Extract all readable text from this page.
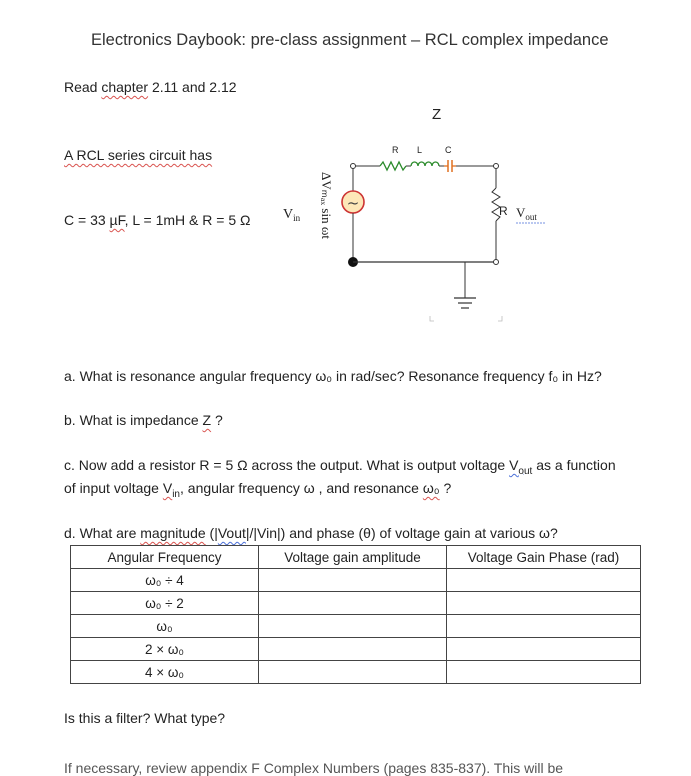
Electronics Daybook: pre-class assignment – RCL complex impedance
Read chapter 2.11 and 2.12
A RCL series circuit has
C = 33 µF, L = 1mH & R = 5 Ω
Z
R L	C
~
$V_{in}$ ΔVₘₐₓ sin ωt	R $V_{out}$
a. What is resonance angular frequency ω₀ in rad/sec? Resonance frequency f₀ in Hz?
b. What is impedance Z ?
c. Now add a resistor R = 5 Ω across the output. What is output voltage $V_{out}$ as a function
of input voltage $V_{in}$, angular frequency ω , and resonance ω₀ ?
d. What are magnitude (|Vout|/|Vin|) and phase (θ) of voltage gain at various ω?
Angular Frequency	Voltage gain amplitude	Voltage Gain Phase (rad)
ω₀ ÷ 4		
ω₀ ÷ 2		
ω₀		
2 × ω₀		
4 × ω₀		
Is this a filter? What type?
If necessary, review appendix F Complex Numbers (pages 835-837). This will be
